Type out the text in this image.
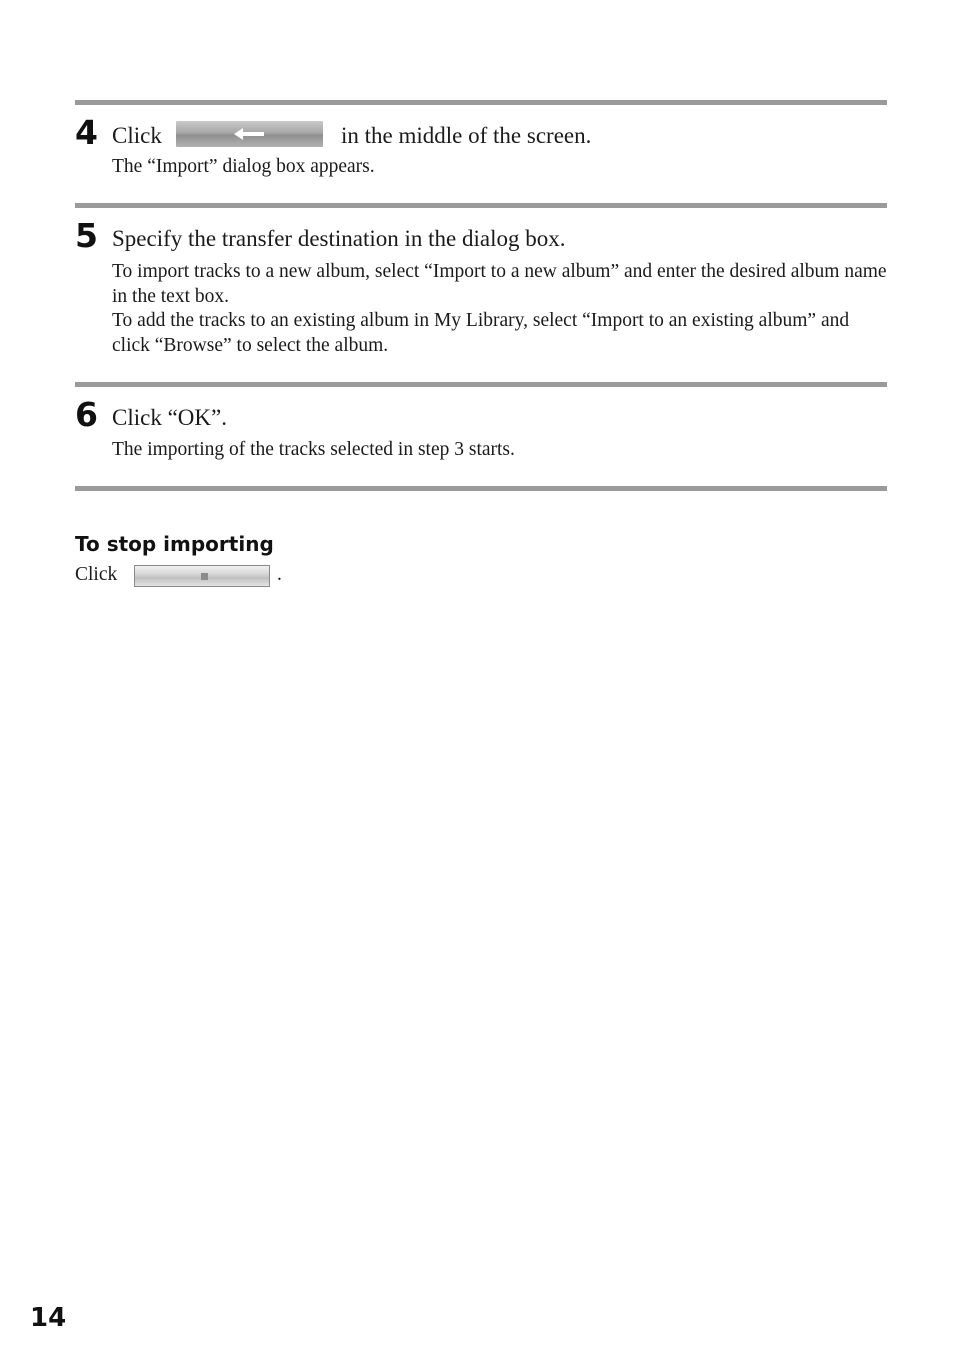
4 Click	in the middle of the screen.

The “Import” dialog box appears.

5 Specify the transfer destination in the dialog box.

To import tracks to a new album, select “Import to a new album” and enter the desired album name in the text box.

To add the tracks to an existing album in My Library, select “Import to an existing album” and click “Browse” to select the album.

6 Click “OK”.

The importing of the tracks selected in step 3 starts.

To stop importing
Click	.
14
